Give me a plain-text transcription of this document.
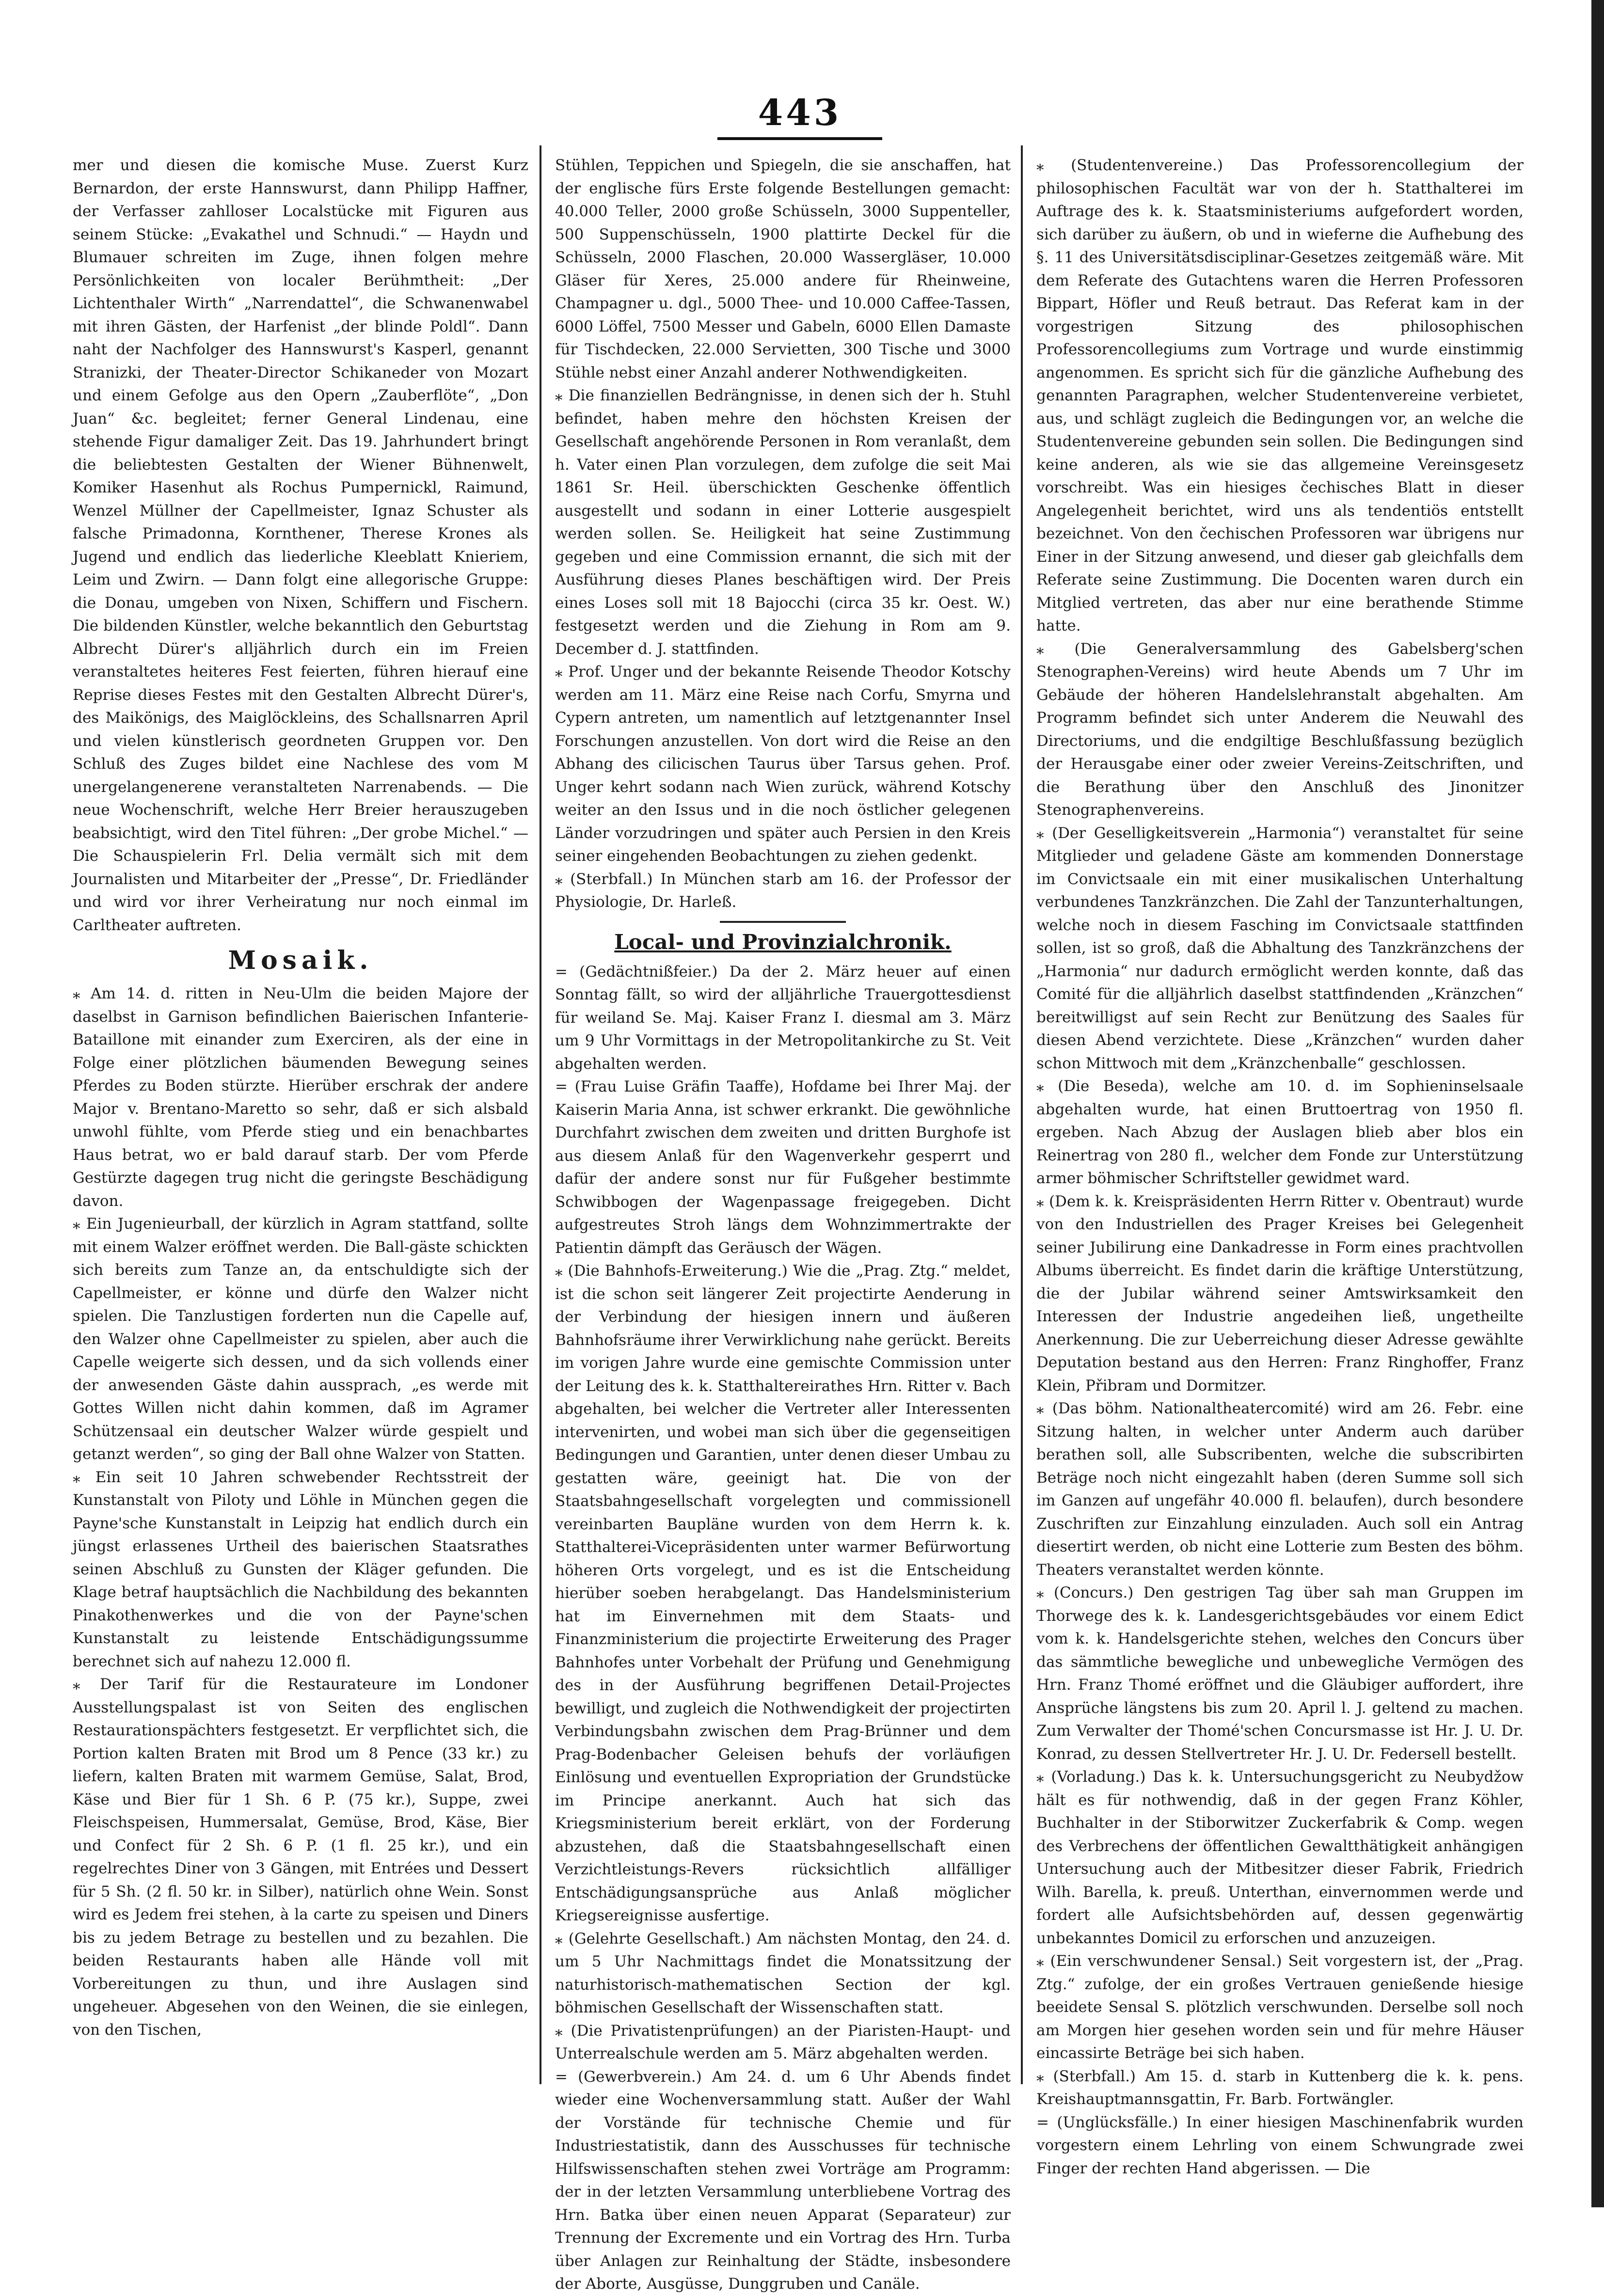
443

mer und diesen die komische Muse. Zuerst Kurz Bernardon, der erste Hannswurst, dann Philipp Haffner, der Verfasser zahlloser Localstücke mit Figuren aus seinem Stücke: „Evakathel und Schnudi.“ — Haydn und Blumauer schreiten im Zuge, ihnen folgen mehre Persönlichkeiten von localer Berühmtheit: „Der Lichtenthaler Wirth“ „Narrendattel“, die Schwanenwabel mit ihren Gästen, der Harfenist „der blinde Poldl“. Dann naht der Nachfolger des Hannswurst's Kasperl, genannt Stranizki, der Theater-Director Schikaneder von Mozart und einem Gefolge aus den Opern „Zauberflöte“, „Don Juan“ &c. begleitet; ferner General Lindenau, eine stehende Figur damaliger Zeit. Das 19. Jahrhundert bringt die beliebtesten Gestalten der Wiener Bühnenwelt, Komiker Hasenhut als Rochus Pumpernickl, Raimund, Wenzel Müllner der Capellmeister, Ignaz Schuster als falsche Primadonna, Kornthener, Therese Krones als Jugend und endlich das liederliche Kleeblatt Knieriem, Leim und Zwirn. — Dann folgt eine allegorische Gruppe: die Donau, umgeben von Nixen, Schiffern und Fischern. Die bildenden Künstler, welche bekanntlich den Geburtstag Albrecht Dürer's alljährlich durch ein im Freien veranstaltetes heiteres Fest feierten, führen hierauf eine Reprise dieses Festes mit den Gestalten Albrecht Dürer's, des Maikönigs, des Maiglöckleins, des Schallsnarren April und vielen künstlerisch geordneten Gruppen vor. Den Schluß des Zuges bildet eine Nachlese des vom M unergelangenerene veranstalteten Narrenabends. — Die neue Wochenschrift, welche Herr Breier herauszugeben beabsichtigt, wird den Titel führen: „Der grobe Michel.“ — Die Schauspielerin Frl. Delia vermält sich mit dem Journalisten und Mitarbeiter der „Presse“, Dr. Friedländer und wird vor ihrer Verheiratung nur noch einmal im Carltheater auftreten.

Mosaik.

⁎ Am 14. d. ritten in Neu-Ulm die beiden Majore der daselbst in Garnison befindlichen Baierischen Infanterie-Bataillone mit einander zum Exerciren, als der eine in Folge einer plötzlichen bäumenden Bewegung seines Pferdes zu Boden stürzte. Hierüber erschrak der andere Major v. Brentano-Maretto so sehr, daß er sich alsbald unwohl fühlte, vom Pferde stieg und ein benachbartes Haus betrat, wo er bald darauf starb. Der vom Pferde Gestürzte dagegen trug nicht die geringste Beschädigung davon.

⁎ Ein Jugenieurball, der kürzlich in Agram stattfand, sollte mit einem Walzer eröffnet werden. Die Ball-gäste schickten sich bereits zum Tanze an, da entschuldigte sich der Capellmeister, er könne und dürfe den Walzer nicht spielen. Die Tanzlustigen forderten nun die Capelle auf, den Walzer ohne Capellmeister zu spielen, aber auch die Capelle weigerte sich dessen, und da sich vollends einer der anwesenden Gäste dahin aussprach, „es werde mit Gottes Willen nicht dahin kommen, daß im Agramer Schützensaal ein deutscher Walzer würde gespielt und getanzt werden“, so ging der Ball ohne Walzer von Statten.

⁎ Ein seit 10 Jahren schwebender Rechtsstreit der Kunstanstalt von Piloty und Löhle in München gegen die Payne'sche Kunstanstalt in Leipzig hat endlich durch ein jüngst erlassenes Urtheil des baierischen Staatsrathes seinen Abschluß zu Gunsten der Kläger gefunden. Die Klage betraf hauptsächlich die Nachbildung des bekannten Pinakothenwerkes und die von der Payne'schen Kunstanstalt zu leistende Entschädigungssumme berechnet sich auf nahezu 12.000 fl.

⁎ Der Tarif für die Restaurateure im Londoner Ausstellungspalast ist von Seiten des englischen Restaurationspächters festgesetzt. Er verpflichtet sich, die Portion kalten Braten mit Brod um 8 Pence (33 kr.) zu liefern, kalten Braten mit warmem Gemüse, Salat, Brod, Käse und Bier für 1 Sh. 6 P. (75 kr.), Suppe, zwei Fleischspeisen, Hummersalat, Gemüse, Brod, Käse, Bier und Confect für 2 Sh. 6 P. (1 fl. 25 kr.), und ein regelrechtes Diner von 3 Gängen, mit Entrées und Dessert für 5 Sh. (2 fl. 50 kr. in Silber), natürlich ohne Wein. Sonst wird es Jedem frei stehen, à la carte zu speisen und Diners bis zu jedem Betrage zu bestellen und zu bezahlen. Die beiden Restaurants haben alle Hände voll mit Vorbereitungen zu thun, und ihre Auslagen sind ungeheuer. Abgesehen von den Weinen, die sie einlegen, von den Tischen,

Stühlen, Teppichen und Spiegeln, die sie anschaffen, hat der englische fürs Erste folgende Bestellungen gemacht: 40.000 Teller, 2000 große Schüsseln, 3000 Suppenteller, 500 Suppenschüsseln, 1900 plattirte Deckel für die Schüsseln, 2000 Flaschen, 20.000 Wassergläser, 10.000 Gläser für Xeres, 25.000 andere für Rheinweine, Champagner u. dgl., 5000 Thee- und 10.000 Caffee-Tassen, 6000 Löffel, 7500 Messer und Gabeln, 6000 Ellen Damaste für Tischdecken, 22.000 Servietten, 300 Tische und 3000 Stühle nebst einer Anzahl anderer Nothwendigkeiten.

⁎ Die finanziellen Bedrängnisse, in denen sich der h. Stuhl befindet, haben mehre den höchsten Kreisen der Gesellschaft angehörende Personen in Rom veranlaßt, dem h. Vater einen Plan vorzulegen, dem zufolge die seit Mai 1861 Sr. Heil. überschickten Geschenke öffentlich ausgestellt und sodann in einer Lotterie ausgespielt werden sollen. Se. Heiligkeit hat seine Zustimmung gegeben und eine Commission ernannt, die sich mit der Ausführung dieses Planes beschäftigen wird. Der Preis eines Loses soll mit 18 Bajocchi (circa 35 kr. Oest. W.) festgesetzt werden und die Ziehung in Rom am 9. December d. J. stattfinden.

⁎ Prof. Unger und der bekannte Reisende Theodor Kotschy werden am 11. März eine Reise nach Corfu, Smyrna und Cypern antreten, um namentlich auf letztgenannter Insel Forschungen anzustellen. Von dort wird die Reise an den Abhang des cilicischen Taurus über Tarsus gehen. Prof. Unger kehrt sodann nach Wien zurück, während Kotschy weiter an den Issus und in die noch östlicher gelegenen Länder vorzudringen und später auch Persien in den Kreis seiner eingehenden Beobachtungen zu ziehen gedenkt.

⁎ (Sterbfall.) In München starb am 16. der Professor der Physiologie, Dr. Harleß.

Local- und Provinzialchronik.

= (Gedächtnißfeier.) Da der 2. März heuer auf einen Sonntag fällt, so wird der alljährliche Trauergottesdienst für weiland Se. Maj. Kaiser Franz I. diesmal am 3. März um 9 Uhr Vormittags in der Metropolitankirche zu St. Veit abgehalten werden.

= (Frau Luise Gräfin Taaffe), Hofdame bei Ihrer Maj. der Kaiserin Maria Anna, ist schwer erkrankt. Die gewöhnliche Durchfahrt zwischen dem zweiten und dritten Burghofe ist aus diesem Anlaß für den Wagenverkehr gesperrt und dafür der andere sonst nur für Fußgeher bestimmte Schwibbogen der Wagenpassage freigegeben. Dicht aufgestreutes Stroh längs dem Wohnzimmertrakte der Patientin dämpft das Geräusch der Wägen.

⁎ (Die Bahnhofs-Erweiterung.) Wie die „Prag. Ztg.“ meldet, ist die schon seit längerer Zeit projectirte Aenderung in der Verbindung der hiesigen innern und äußeren Bahnhofsräume ihrer Verwirklichung nahe gerückt. Bereits im vorigen Jahre wurde eine gemischte Commission unter der Leitung des k. k. Statthaltereirathes Hrn. Ritter v. Bach abgehalten, bei welcher die Vertreter aller Interessenten intervenirten, und wobei man sich über die gegenseitigen Bedingungen und Garantien, unter denen dieser Umbau zu gestatten wäre, geeinigt hat. Die von der Staatsbahngesellschaft vorgelegten und commissionell vereinbarten Baupläne wurden von dem Herrn k. k. Statthalterei-Vicepräsidenten unter warmer Befürwortung höheren Orts vorgelegt, und es ist die Entscheidung hierüber soeben herabgelangt. Das Handelsministerium hat im Einvernehmen mit dem Staats- und Finanzministerium die projectirte Erweiterung des Prager Bahnhofes unter Vorbehalt der Prüfung und Genehmigung des in der Ausführung begriffenen Detail-Projectes bewilligt, und zugleich die Nothwendigkeit der projectirten Verbindungsbahn zwischen dem Prag-Brünner und dem Prag-Bodenbacher Geleisen behufs der vorläufigen Einlösung und eventuellen Expropriation der Grundstücke im Principe anerkannt. Auch hat sich das Kriegsministerium bereit erklärt, von der Forderung abzustehen, daß die Staatsbahngesellschaft einen Verzichtleistungs-Revers rücksichtlich allfälliger Entschädigungsansprüche aus Anlaß möglicher Kriegsereignisse ausfertige.

⁎ (Gelehrte Gesellschaft.) Am nächsten Montag, den 24. d. um 5 Uhr Nachmittags findet die Monatssitzung der naturhistorisch-mathematischen Section der kgl. böhmischen Gesellschaft der Wissenschaften statt.

⁎ (Die Privatistenprüfungen) an der Piaristen-Haupt- und Unterrealschule werden am 5. März abgehalten werden.

= (Gewerbverein.) Am 24. d. um 6 Uhr Abends findet wieder eine Wochenversammlung statt. Außer der Wahl der Vorstände für technische Chemie und für Industriestatistik, dann des Ausschusses für technische Hilfswissenschaften stehen zwei Vorträge am Programm: der in der letzten Versammlung unterbliebene Vortrag des Hrn. Batka über einen neuen Apparat (Separateur) zur Trennung der Excremente und ein Vortrag des Hrn. Turba über Anlagen zur Reinhaltung der Städte, insbesondere der Aborte, Ausgüsse, Dunggruben und Canäle.

⁎ (Studentenvereine.) Das Professorencollegium der philosophischen Facultät war von der h. Statthalterei im Auftrage des k. k. Staatsministeriums aufgefordert worden, sich darüber zu äußern, ob und in wieferne die Aufhebung des §. 11 des Universitätsdisciplinar-Gesetzes zeitgemäß wäre. Mit dem Referate des Gutachtens waren die Herren Professoren Bippart, Höfler und Reuß betraut. Das Referat kam in der vorgestrigen Sitzung des philosophischen Professorencollegiums zum Vortrage und wurde einstimmig angenommen. Es spricht sich für die gänzliche Aufhebung des genannten Paragraphen, welcher Studentenvereine verbietet, aus, und schlägt zugleich die Bedingungen vor, an welche die Studentenvereine gebunden sein sollen. Die Bedingungen sind keine anderen, als wie sie das allgemeine Vereinsgesetz vorschreibt. Was ein hiesiges čechisches Blatt in dieser Angelegenheit berichtet, wird uns als tendentiös entstellt bezeichnet. Von den čechischen Professoren war übrigens nur Einer in der Sitzung anwesend, und dieser gab gleichfalls dem Referate seine Zustimmung. Die Docenten waren durch ein Mitglied vertreten, das aber nur eine berathende Stimme hatte.

⁎ (Die Generalversammlung des Gabelsberg'schen Stenographen-Vereins) wird heute Abends um 7 Uhr im Gebäude der höheren Handelslehranstalt abgehalten. Am Programm befindet sich unter Anderem die Neuwahl des Directoriums, und die endgiltige Beschlußfassung bezüglich der Herausgabe einer oder zweier Vereins-Zeitschriften, und die Berathung über den Anschluß des Jinonitzer Stenographenvereins.

⁎ (Der Geselligkeitsverein „Harmonia“) veranstaltet für seine Mitglieder und geladene Gäste am kommenden Donnerstage im Convictsaale ein mit einer musikalischen Unterhaltung verbundenes Tanzkränzchen. Die Zahl der Tanzunterhaltungen, welche noch in diesem Fasching im Convictsaale stattfinden sollen, ist so groß, daß die Abhaltung des Tanzkränzchens der „Harmonia“ nur dadurch ermöglicht werden konnte, daß das Comité für die alljährlich daselbst stattfindenden „Kränzchen“ bereitwilligst auf sein Recht zur Benützung des Saales für diesen Abend verzichtete. Diese „Kränzchen“ wurden daher schon Mittwoch mit dem „Kränzchenballe“ geschlossen.

⁎ (Die Beseda), welche am 10. d. im Sophieninselsaale abgehalten wurde, hat einen Bruttoertrag von 1950 fl. ergeben. Nach Abzug der Auslagen blieb aber blos ein Reinertrag von 280 fl., welcher dem Fonde zur Unterstützung armer böhmischer Schriftsteller gewidmet ward.

⁎ (Dem k. k. Kreispräsidenten Herrn Ritter v. Obentraut) wurde von den Industriellen des Prager Kreises bei Gelegenheit seiner Jubilirung eine Dankadresse in Form eines prachtvollen Albums überreicht. Es findet darin die kräftige Unterstützung, die der Jubilar während seiner Amtswirksamkeit den Interessen der Industrie angedeihen ließ, ungetheilte Anerkennung. Die zur Ueberreichung dieser Adresse gewählte Deputation bestand aus den Herren: Franz Ringhoffer, Franz Klein, Přibram und Dormitzer.

⁎ (Das böhm. Nationaltheatercomité) wird am 26. Febr. eine Sitzung halten, in welcher unter Anderm auch darüber berathen soll, alle Subscribenten, welche die subscribirten Beträge noch nicht eingezahlt haben (deren Summe soll sich im Ganzen auf ungefähr 40.000 fl. belaufen), durch besondere Zuschriften zur Einzahlung einzuladen. Auch soll ein Antrag diesertirt werden, ob nicht eine Lotterie zum Besten des böhm. Theaters veranstaltet werden könnte.

⁎ (Concurs.) Den gestrigen Tag über sah man Gruppen im Thorwege des k. k. Landesgerichtsgebäudes vor einem Edict vom k. k. Handelsgerichte stehen, welches den Concurs über das sämmtliche bewegliche und unbewegliche Vermögen des Hrn. Franz Thomé eröffnet und die Gläubiger auffordert, ihre Ansprüche längstens bis zum 20. April l. J. geltend zu machen. Zum Verwalter der Thomé'schen Concursmasse ist Hr. J. U. Dr. Konrad, zu dessen Stellvertreter Hr. J. U. Dr. Federsell bestellt.

⁎ (Vorladung.) Das k. k. Untersuchungsgericht zu Neubydžow hält es für nothwendig, daß in der gegen Franz Köhler, Buchhalter in der Stiborwitzer Zuckerfabrik & Comp. wegen des Verbrechens der öffentlichen Gewaltthätigkeit anhängigen Untersuchung auch der Mitbesitzer dieser Fabrik, Friedrich Wilh. Barella, k. preuß. Unterthan, einvernommen werde und fordert alle Aufsichtsbehörden auf, dessen gegenwärtig unbekanntes Domicil zu erforschen und anzuzeigen.

⁎ (Ein verschwundener Sensal.) Seit vorgestern ist, der „Prag. Ztg.“ zufolge, der ein großes Vertrauen genießende hiesige beeidete Sensal S. plötzlich verschwunden. Derselbe soll noch am Morgen hier gesehen worden sein und für mehre Häuser eincassirte Beträge bei sich haben.

⁎ (Sterbfall.) Am 15. d. starb in Kuttenberg die k. k. pens. Kreishauptmannsgattin, Fr. Barb. Fortwängler.

= (Unglücksfälle.) In einer hiesigen Maschinenfabrik wurden vorgestern einem Lehrling von einem Schwungrade zwei Finger der rechten Hand abgerissen. — Die
